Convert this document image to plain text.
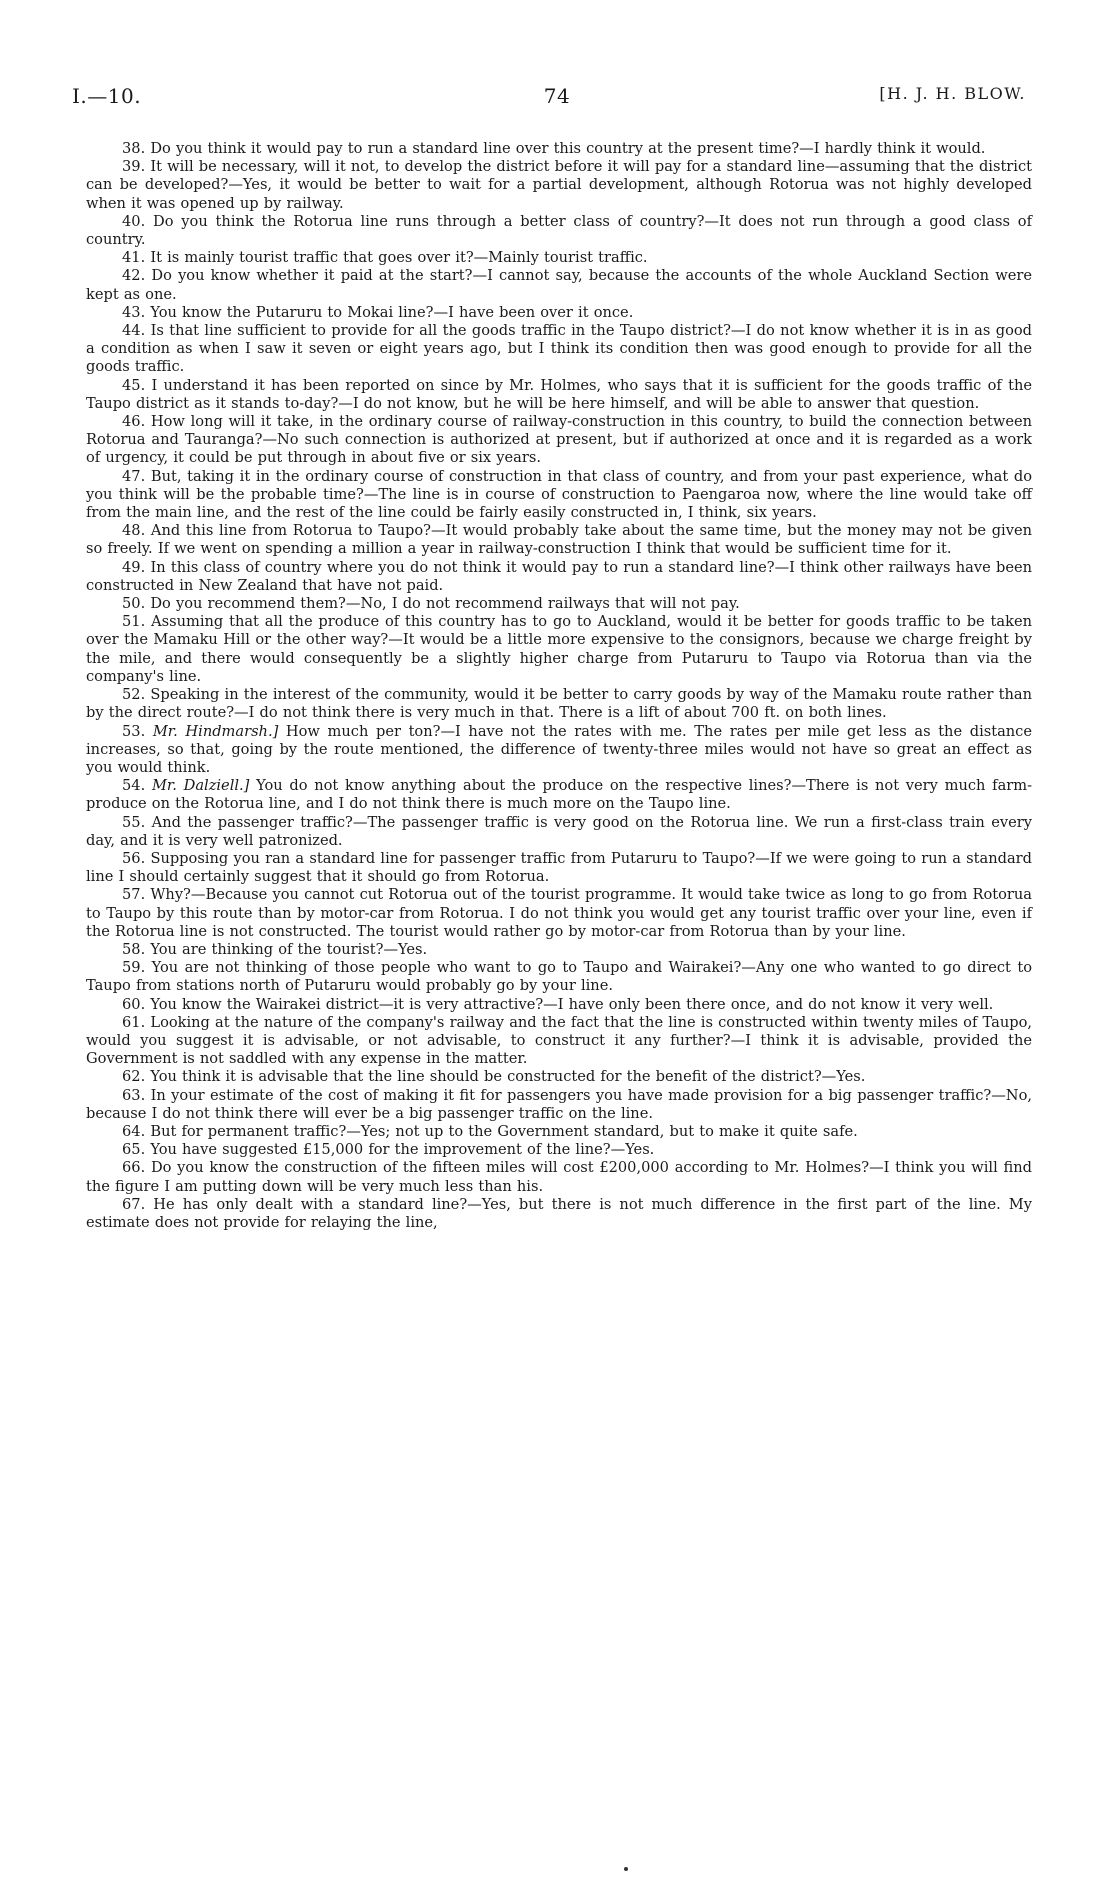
I.—10.	74	[H. J. H. BLOW.

38. Do you think it would pay to run a standard line over this country at the present time?—I hardly think it would.

39. It will be necessary, will it not, to develop the district before it will pay for a standard line—assuming that the district can be developed?—Yes, it would be better to wait for a partial development, although Rotorua was not highly developed when it was opened up by railway.

40. Do you think the Rotorua line runs through a better class of country?—It does not run through a good class of country.

41. It is mainly tourist traffic that goes over it?—Mainly tourist traffic.

42. Do you know whether it paid at the start?—I cannot say, because the accounts of the whole Auckland Section were kept as one.

43. You know the Putaruru to Mokai line?—I have been over it once.

44. Is that line sufficient to provide for all the goods traffic in the Taupo district?—I do not know whether it is in as good a condition as when I saw it seven or eight years ago, but I think its condition then was good enough to provide for all the goods traffic.

45. I understand it has been reported on since by Mr. Holmes, who says that it is sufficient for the goods traffic of the Taupo district as it stands to-day?—I do not know, but he will be here himself, and will be able to answer that question.

46. How long will it take, in the ordinary course of railway-construction in this country, to build the connection between Rotorua and Tauranga?—No such connection is authorized at present, but if authorized at once and it is regarded as a work of urgency, it could be put through in about five or six years.

47. But, taking it in the ordinary course of construction in that class of country, and from your past experience, what do you think will be the probable time?—The line is in course of construction to Paengaroa now, where the line would take off from the main line, and the rest of the line could be fairly easily constructed in, I think, six years.

48. And this line from Rotorua to Taupo?—It would probably take about the same time, but the money may not be given so freely. If we went on spending a million a year in railway-construction I think that would be sufficient time for it.

49. In this class of country where you do not think it would pay to run a standard line?—I think other railways have been constructed in New Zealand that have not paid.

50. Do you recommend them?—No, I do not recommend railways that will not pay.

51. Assuming that all the produce of this country has to go to Auckland, would it be better for goods traffic to be taken over the Mamaku Hill or the other way?—It would be a little more expensive to the consignors, because we charge freight by the mile, and there would consequently be a slightly higher charge from Putaruru to Taupo via Rotorua than via the company's line.

52. Speaking in the interest of the community, would it be better to carry goods by way of the Mamaku route rather than by the direct route?—I do not think there is very much in that. There is a lift of about 700 ft. on both lines.

53. Mr. Hindmarsh.] How much per ton?—I have not the rates with me. The rates per mile get less as the distance increases, so that, going by the route mentioned, the difference of twenty-three miles would not have so great an effect as you would think.

54. Mr. Dalziell.] You do not know anything about the produce on the respective lines?—There is not very much farm-produce on the Rotorua line, and I do not think there is much more on the Taupo line.

55. And the passenger traffic?—The passenger traffic is very good on the Rotorua line. We run a first-class train every day, and it is very well patronized.

56. Supposing you ran a standard line for passenger traffic from Putaruru to Taupo?—If we were going to run a standard line I should certainly suggest that it should go from Rotorua.

57. Why?—Because you cannot cut Rotorua out of the tourist programme. It would take twice as long to go from Rotorua to Taupo by this route than by motor-car from Rotorua. I do not think you would get any tourist traffic over your line, even if the Rotorua line is not constructed. The tourist would rather go by motor-car from Rotorua than by your line.

58. You are thinking of the tourist?—Yes.

59. You are not thinking of those people who want to go to Taupo and Wairakei?—Any one who wanted to go direct to Taupo from stations north of Putaruru would probably go by your line.

60. You know the Wairakei district—it is very attractive?—I have only been there once, and do not know it very well.

61. Looking at the nature of the company's railway and the fact that the line is constructed within twenty miles of Taupo, would you suggest it is advisable, or not advisable, to construct it any further?—I think it is advisable, provided the Government is not saddled with any expense in the matter.

62. You think it is advisable that the line should be constructed for the benefit of the district?—Yes.

63. In your estimate of the cost of making it fit for passengers you have made provision for a big passenger traffic?—No, because I do not think there will ever be a big passenger traffic on the line.

64. But for permanent traffic?—Yes; not up to the Government standard, but to make it quite safe.

65. You have suggested £15,000 for the improvement of the line?—Yes.

66. Do you know the construction of the fifteen miles will cost £200,000 according to Mr. Holmes?—I think you will find the figure I am putting down will be very much less than his.

67. He has only dealt with a standard line?—Yes, but there is not much difference in the first part of the line. My estimate does not provide for relaying the line,
